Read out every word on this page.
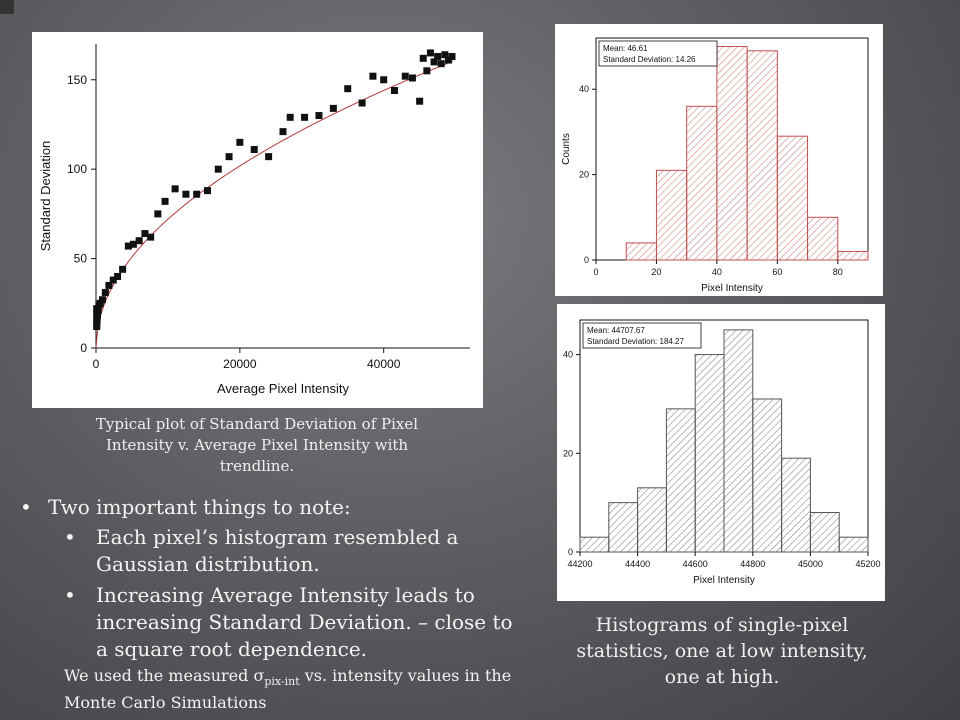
0
50
100
150
0	20000	40000
Average Pixel Intensity
Standard Deviation
Typical plot of Standard Deviation of Pixel Intensity v. Average Pixel Intensity with trendline.
0
20
40
0	20	40	60	80
Pixel Intensity
Counts
Mean: 46.61
Standard Deviation: 14.26
0
20
40
44200	44400	44600	44800	45000	45200
Pixel Intensity
Mean: 44707.67
Standard Deviation: 184.27
Histograms of single-pixel statistics, one at low intensity, one at high.
• Two important things to note:
• Each pixel’s histogram resembled a Gaussian distribution.
• Increasing Average Intensity leads to increasing Standard Deviation. – close to a square root dependence.
We used the measured $\sigma_{pix-int}$ vs. intensity values in the Monte Carlo Simulations
